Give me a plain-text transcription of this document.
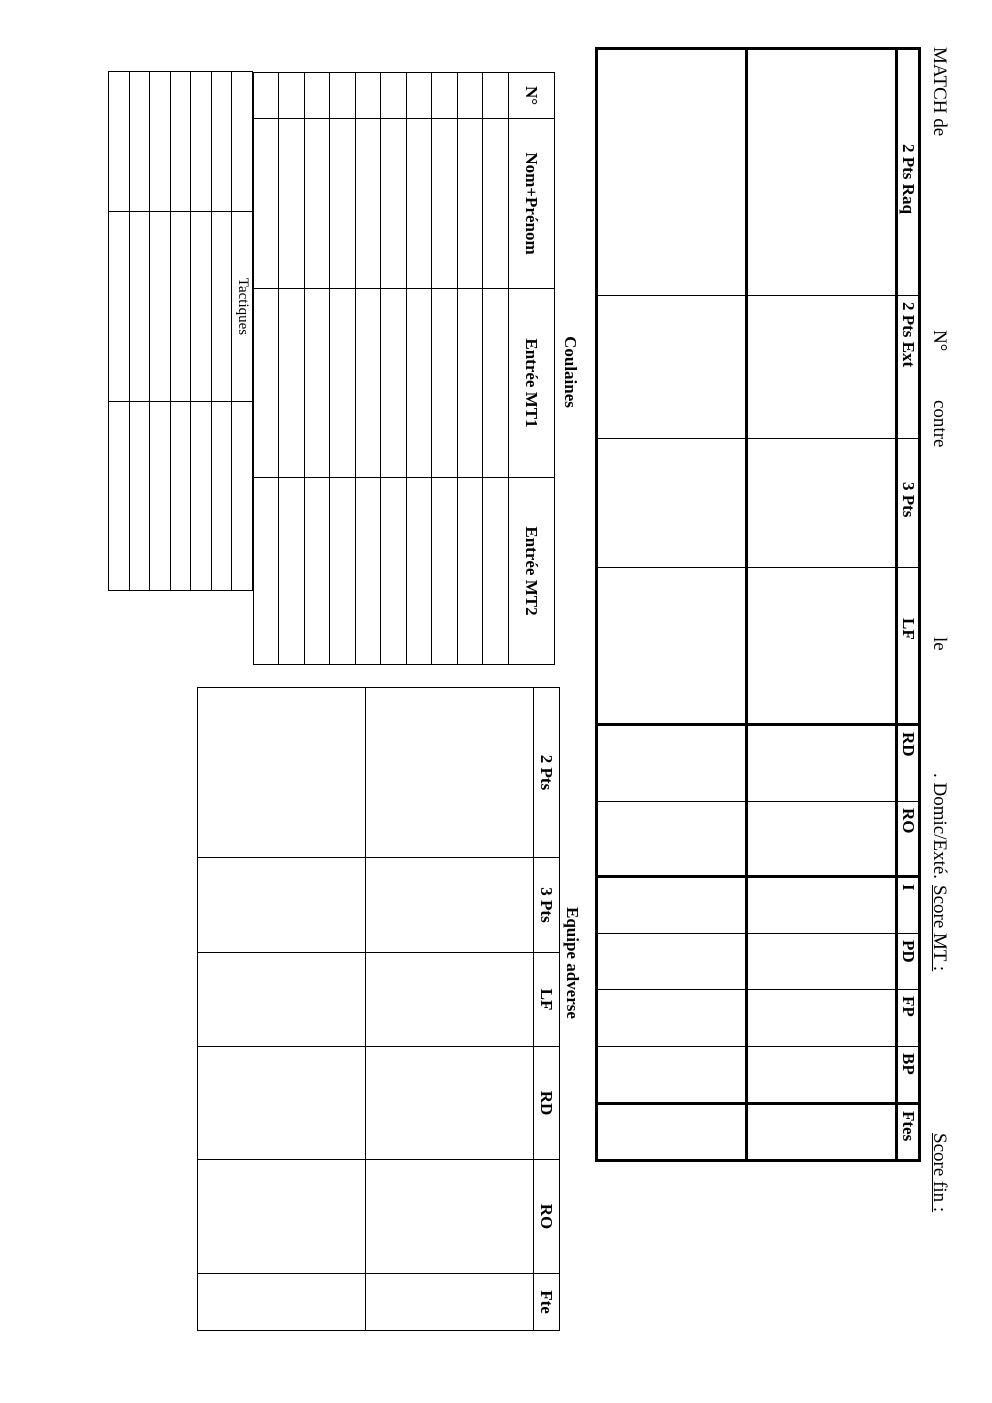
MATCH de
N°
contre
le
. Domic/Exté.
Score MT :
Score fin :
2 Pts Raq	2 Pts Ext	3 Pts	LF	RD	RO	I	PD	FP	BP	Ftes

Equipe adverse
2 Pts	3 Pts	LF	RD	RO	Fte

Coulaines
N°	Nom+Prénom	Entrée MT1	Entrée MT2

	Tactiques	
